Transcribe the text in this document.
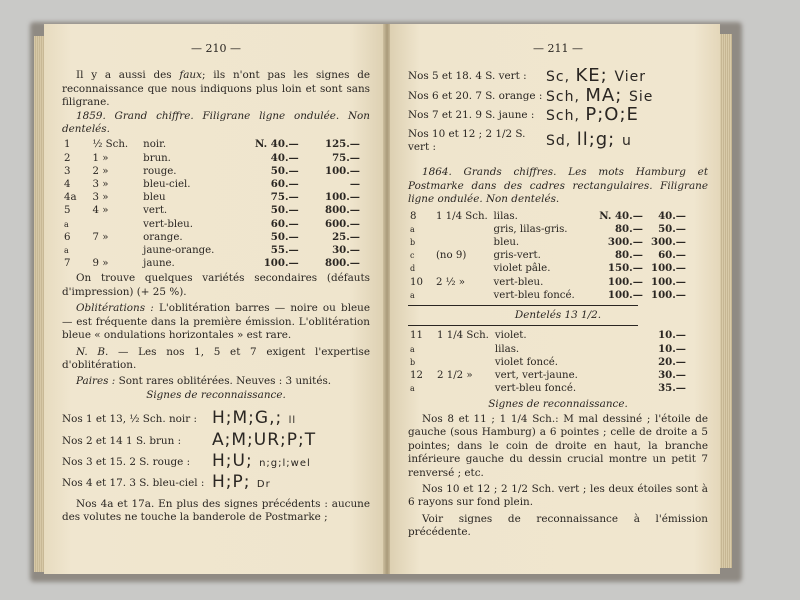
— 210 —

Il y a aussi des faux; ils n'ont pas les signes de reconnaissance que nous indiquons plus loin et sont sans filigrane.

1859. Grand chiffre. Filigrane ligne ondulée. Non dentelés.

1	½ Sch.	noir.	N. 40.—	125.—
2	1 »	brun.	40.—	75.—
3	2 »	rouge.	50.—	100.—
4	3 »	bleu-ciel.	60.—	—
4a	3 »	bleu	75.—	100.—
5	4 »	vert.	50.—	800.—
a		vert-bleu.	60.—	600.—
6	7 »	orange.	50.—	25.—
a		jaune-orange.	55.—	30.—
7	9 »	jaune.	100.—	800.—

On trouve quelques variétés secondaires (défauts d'impression) (+ 25 %).

Oblitérations : L'oblitération barres — noire ou bleue — est fréquente dans la première émission. L'oblitération bleue « ondulations horizontales » est rare.

N. B. — Les nos 1, 5 et 7 exigent l'expertise d'oblitération.

Paires : Sont rares oblitérées. Neuves : 3 unités.

Signes de reconnaissance.

Nos 1 et 13, ½ Sch. noir : H;M;G,; ll
Nos 2 et 14 1 S. brun :	A;M;UR;P;T
Nos 3 et 15. 2 S. rouge :	H;U; n;g;l;wel
Nos 4 et 17. 3 S. bleu-ciel : H;P; Dr

Nos 4a et 17a. En plus des signes précédents : aucune des volutes ne touche la banderole de Postmarke ;

— 211 —
Nos 5 et 18. 4 S. vert :	Sc, KE; Vier
Nos 6 et 20. 7 S. orange : Sch, MA; Sie
Nos 7 et 21. 9 S. jaune : Sch, P;O;E
Nos 10 et 12 ; 2 1/2 S. vert :	Sd, ll;g; u

1864. Grands chiffres. Les mots Hamburg et Postmarke dans des cadres rectangulaires. Filigrane ligne ondulée. Non dentelés.

8	1 1/4 Sch.	lilas.	N. 40.—	40.—
a		gris, lilas-gris.	80.—	50.—
b		bleu.	300.—	300.—
c	(no 9)	gris-vert.	80.—	60.—
d		violet pâle.	150.—	100.—
10	2 ½ »	vert-bleu.	100.—	100.—
a		vert-bleu foncé.	100.—	100.—

Dentelés 13 1/2.

11	1 1/4 Sch.	violet.		10.—
a		lilas.		10.—
b		violet foncé.		20.—
12	2 1/2 »	vert, vert-jaune.		30.—
a		vert-bleu foncé.		35.—

Signes de reconnaissance.

Nos 8 et 11 ; 1 1/4 Sch.: M mal dessiné ; l'étoile de gauche (sous Hamburg) a 6 pointes ; celle de droite a 5 pointes; dans le coin de droite en haut, la branche inférieure gauche du dessin crucial montre un petit 7 renversé ; etc.

Nos 10 et 12 ; 2 1/2 Sch. vert ; les deux étoiles sont à 6 rayons sur fond plein.

Voir signes de reconnaissance à l'émission précédente.
